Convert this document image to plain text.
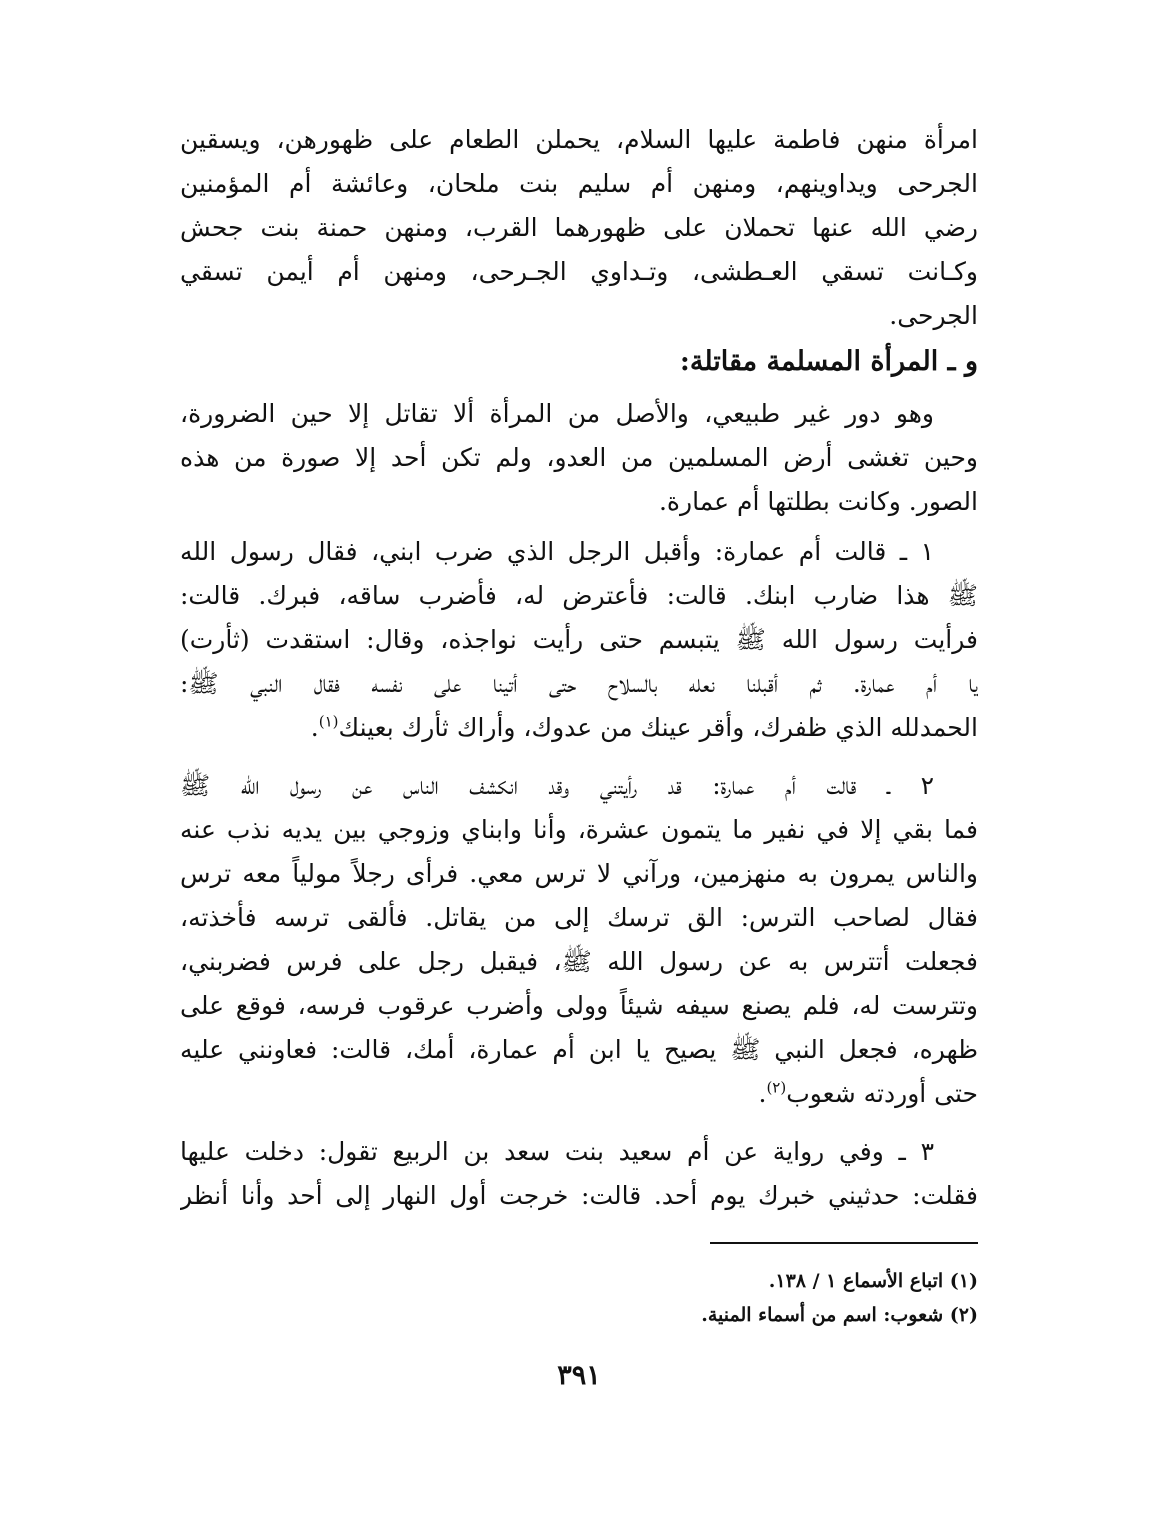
امرأة منهن فاطمة عليها السلام، يحملن الطعام على ظهورهن، ويسقين
الجرحى ويداوينهم، ومنهن أم سليم بنت ملحان، وعائشة أم المؤمنين
رضي الله عنها تحملان على ظهورهما القرب، ومنهن حمنة بنت جحش
وكـانت تسقي العـطشى، وتـداوي الجـرحى، ومنهن أم أيمن تسقي
الجرحى.
و ـ المرأة المسلمة مقاتلة:
وهو دور غير طبيعي، والأصل من المرأة ألا تقاتل إلا حين الضرورة،
وحين تغشى أرض المسلمين من العدو، ولم تكن أحد إلا صورة من هذه
الصور. وكانت بطلتها أم عمارة.
١ ـ قالت أم عمارة: وأقبل الرجل الذي ضرب ابني، فقال رسول الله
ﷺ هذا ضارب ابنك. قالت: فأعترض له، فأضرب ساقه، فبرك. قالت:
فرأيت رسول الله ﷺ يتبسم حتى رأيت نواجذه، وقال: استقدت (ثأرت)
يا أم عمارة. ثم أقبلنا نعله بالسلاح حتى أتينا على نفسه فقال النبي ﷺ:
الحمدلله الذي ظفرك، وأقر عينك من عدوك، وأراك ثأرك بعينك$^{(١)}$.
٢ ـ قالت أم عمارة: قد رأيتني وقد انكشف الناس عن رسول الله ﷺ
فما بقي إلا في نفير ما يتمون عشرة، وأنا وابناي وزوجي بين يديه نذب عنه
والناس يمرون به منهزمين، ورآني لا ترس معي. فرأى رجلاً مولياً معه ترس
فقال لصاحب الترس: الق ترسك إلى من يقاتل. فألقى ترسه فأخذته،
فجعلت أتترس به عن رسول الله ﷺ، فيقبل رجل على فرس فضربني،
وتترست له، فلم يصنع سيفه شيئاً وولى وأضرب عرقوب فرسه، فوقع على
ظهره، فجعل النبي ﷺ يصيح يا ابن أم عمارة، أمك، قالت: فعاونني عليه
حتى أوردته شعوب$^{(٢)}$.
٣ ـ وفي رواية عن أم سعيد بنت سعد بن الربيع تقول: دخلت عليها
فقلت: حدثيني خبرك يوم أحد. قالت: خرجت أول النهار إلى أحد وأنا أنظر
(١) اتباع الأسماع ١ / ١٣٨.
(٢) شعوب: اسم من أسماء المنية.
٣٩١
